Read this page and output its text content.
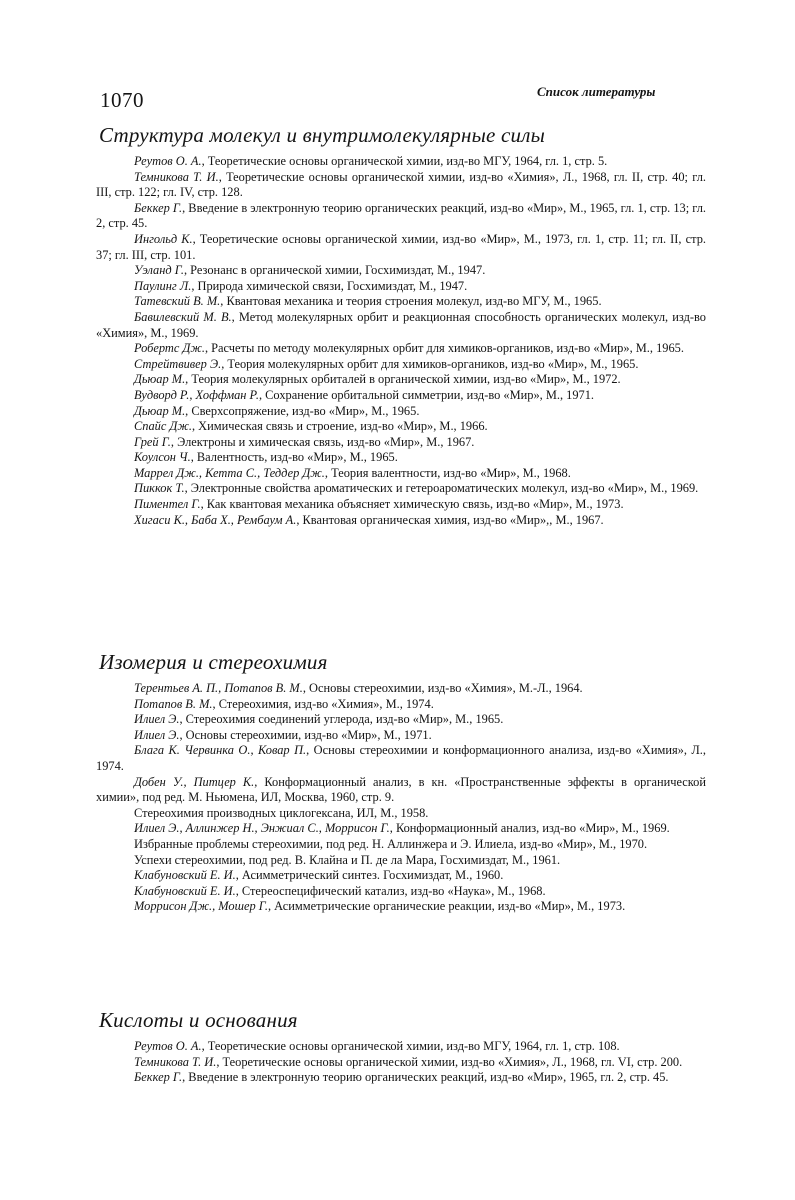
1070	Список литературы
Структура молекул и внутримолекулярные силы
Реутов О. А., Теоретические основы органической химии, изд-во МГУ, 1964, гл. 1, стр. 5.
Темникова Т. И., Теоретические основы органической химии, изд-во «Химия», Л., 1968, гл. II, стр. 40; гл. III, стр. 122; гл. IV, стр. 128.
Беккер Г., Введение в электронную теорию органических реакций, изд-во «Мир», М., 1965, гл. 1, стр. 13; гл. 2, стр. 45.
Ингольд К., Теоретические основы органической химии, изд-во «Мир», М., 1973, гл. 1, стр. 11; гл. II, стр. 37; гл. III, стр. 101.
Уэланд Г., Резонанс в органической химии, Госхимиздат, М., 1947.
Паулинг Л., Природа химической связи, Госхимиздат, М., 1947.
Татевский В. М., Квантовая механика и теория строения молекул, изд-во МГУ, М., 1965.
Бавилевский М. В., Метод молекулярных орбит и реакционная способность органических молекул, изд-во «Химия», М., 1969.
Робертс Дж., Расчеты по методу молекулярных орбит для химиков-органиков, изд-во «Мир», М., 1965.
Стрейтвивер Э., Теория молекулярных орбит для химиков-органиков, изд-во «Мир», М., 1965.
Дьюар М., Теория молекулярных орбиталей в органической химии, изд-во «Мир», М., 1972.
Вудворд Р., Хоффман Р., Сохранение орбитальной симметрии, изд-во «Мир», М., 1971.
Дьюар М., Сверхсопряжение, изд-во «Мир», М., 1965.
Спайс Дж., Химическая связь и строение, изд-во «Мир», М., 1966.
Грей Г., Электроны и химическая связь, изд-во «Мир», М., 1967.
Коулсон Ч., Валентность, изд-во «Мир», М., 1965.
Маррел Дж., Кетта С., Теддер Дж., Теория валентности, изд-во «Мир», М., 1968.
Пиккок Т., Электронные свойства ароматических и гетероароматических молекул, изд-во «Мир», М., 1969.
Пиментел Г., Как квантовая механика объясняет химическую связь, изд-во «Мир», М., 1973.
Хигаси К., Баба Х., Рембаум А., Квантовая органическая химия, изд-во «Мир»,, М., 1967.
Изомерия и стереохимия
Терентьев А. П., Потапов В. М., Основы стереохимии, изд-во «Химия», М.-Л., 1964.
Потапов В. М., Стереохимия, изд-во «Химия», М., 1974.
Илиел Э., Стереохимия соединений углерода, изд-во «Мир», М., 1965.
Илиел Э., Основы стереохимии, изд-во «Мир», М., 1971.
Блага К. Червинка О., Ковар П., Основы стереохимии и конформационного анализа, изд-во «Химия», Л., 1974.
Добен У., Питцер К., Конформационный анализ, в кн. «Пространственные эффекты в органической химии», под ред. М. Ньюмена, ИЛ, Москва, 1960, стр. 9.
Стереохимия производных циклогексана, ИЛ, М., 1958.
Илиел Э., Аллинжер Н., Энжиал С., Моррисон Г., Конформационный анализ, изд-во «Мир», М., 1969.
Избранные проблемы стереохимии, под ред. Н. Аллинжера и Э. Илиела, изд-во «Мир», М., 1970.
Успехи стереохимии, под ред. В. Клайна и П. де ла Мара, Госхимиздат, М., 1961.
Клабуновский Е. И., Асимметрический синтез. Госхимиздат, М., 1960.
Клабуновский Е. И., Стереоспецифический катализ, изд-во «Наука», М., 1968.
Моррисон Дж., Мошер Г., Асимметрические органические реакции, изд-во «Мир», М., 1973.
Кислоты и основания
Реутов О. А., Теоретические основы органической химии, изд-во МГУ, 1964, гл. 1, стр. 108.
Темникова Т. И., Теоретические основы органической химии, изд-во «Химия», Л., 1968, гл. VI, стр. 200.
Беккер Г., Введение в электронную теорию органических реакций, изд-во «Мир», 1965, гл. 2, стр. 45.
